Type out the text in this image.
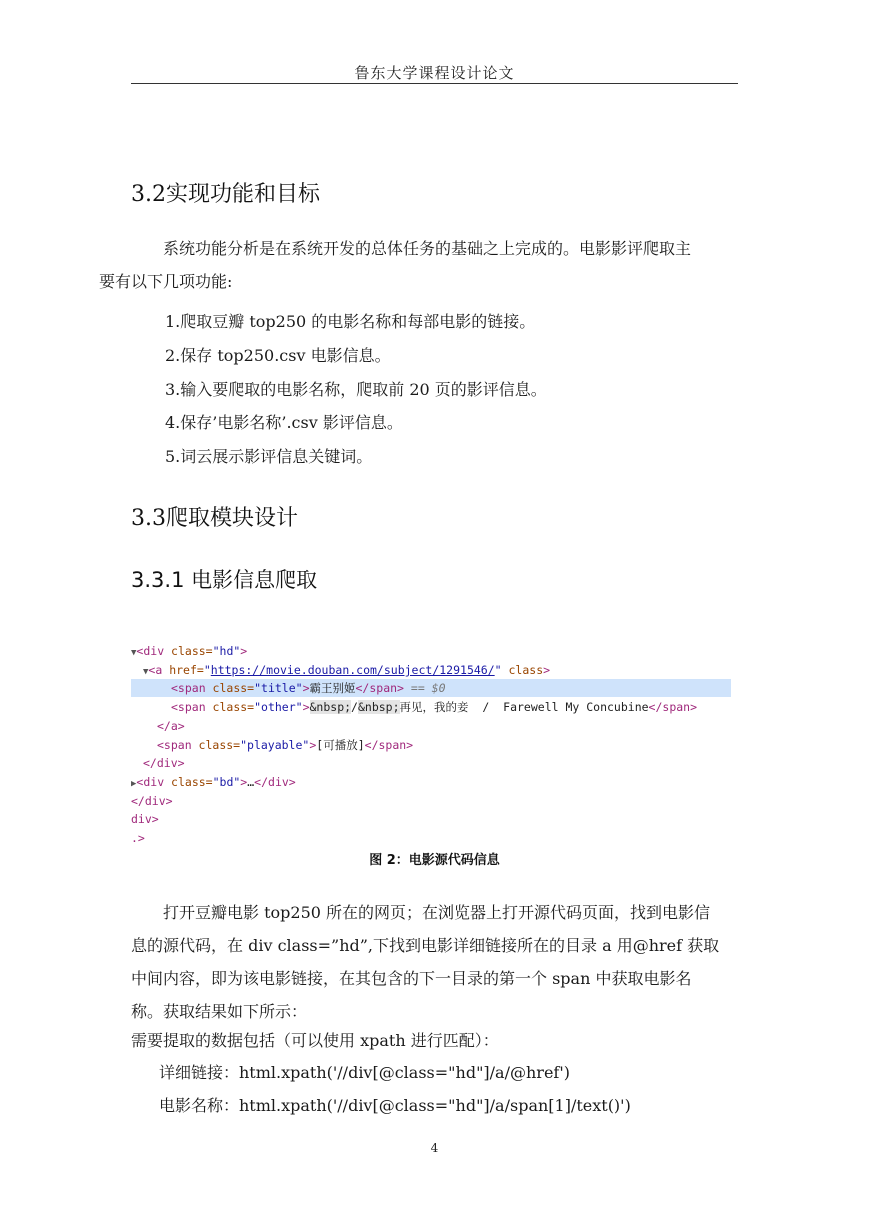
鲁东大学课程设计论文
3.2实现功能和目标
系统功能分析是在系统开发的总体任务的基础之上完成的。电影影评爬取主
要有以下几项功能:
1.爬取豆瓣 top250 的电影名称和每部电影的链接。
2.保存 top250.csv 电影信息。
3.输入要爬取的电影名称，爬取前 20 页的影评信息。
4.保存’电影名称’.csv 影评信息。
5.词云展示影评信息关键词。
3.3爬取模块设计
3.3.1 电影信息爬取
▼<div class="hd">
▼<a href="https://movie.douban.com/subject/1291546/" class>
<span class="title">霸王别姬</span> == $0
<span class="other">&nbsp;/&nbsp;再见，我的妾  /  Farewell My Concubine</span>
</a>
<span class="playable">[可播放]</span>
</div>
▶<div class="bd">…</div>
</div>
div>
.>
图 2：电影源代码信息
打开豆瓣电影 top250 所在的网页；在浏览器上打开源代码页面，找到电影信
息的源代码，在 div class=”hd”,下找到电影详细链接所在的目录 a 用@href 获取
中间内容，即为该电影链接，在其包含的下一目录的第一个 span 中获取电影名
称。获取结果如下所示：
需要提取的数据包括（可以使用 xpath 进行匹配）：
详细链接：html.xpath('//div[@class="hd"]/a/@href')
电影名称：html.xpath('//div[@class="hd"]/a/span[1]/text()')
4
